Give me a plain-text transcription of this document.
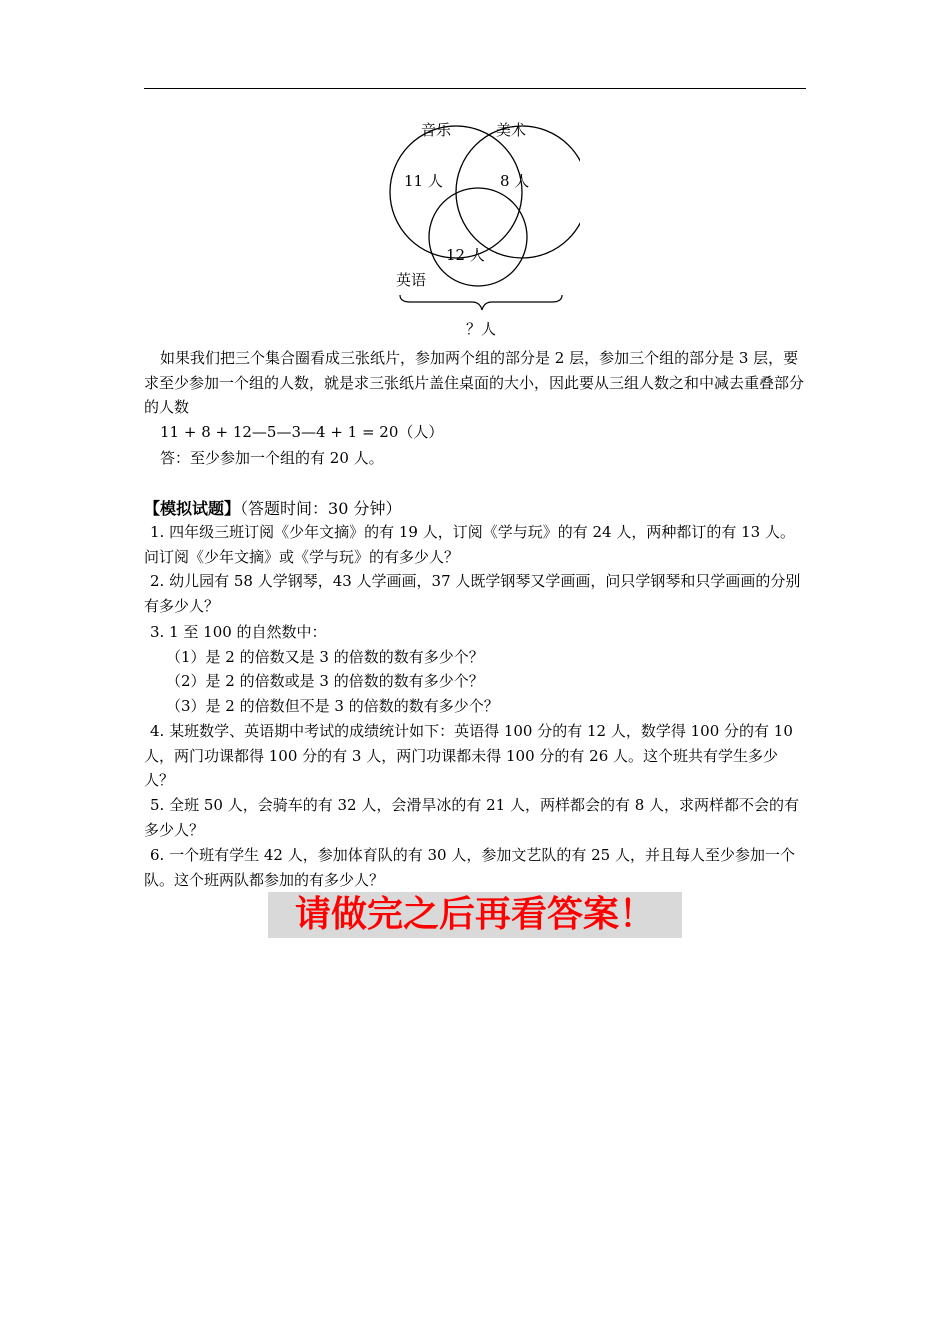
音乐	美术
11 人	8 人
12 人
英语
？人
如果我们把三个集合圈看成三张纸片，参加两个组的部分是 2 层，参加三个组的部分是 3 层，要求至少参加一个组的人数，就是求三张纸片盖住桌面的大小，因此要从三组人数之和中减去重叠部分的人数
11 + 8 + 12—5—3—4 + 1 = 20（人）
答：至少参加一个组的有 20 人。
【模拟试题】（答题时间：30 分钟）
1. 四年级三班订阅《少年文摘》的有 19 人，订阅《学与玩》的有 24 人，两种都订的有 13 人。问订阅《少年文摘》或《学与玩》的有多少人？
2. 幼儿园有 58 人学钢琴，43 人学画画，37 人既学钢琴又学画画，问只学钢琴和只学画画的分别有多少人？
3. 1 至 100 的自然数中：
（1）是 2 的倍数又是 3 的倍数的数有多少个？
（2）是 2 的倍数或是 3 的倍数的数有多少个？
（3）是 2 的倍数但不是 3 的倍数的数有多少个？
4. 某班数学、英语期中考试的成绩统计如下：英语得 100 分的有 12 人，数学得 100 分的有 10 人，两门功课都得 100 分的有 3 人，两门功课都未得 100 分的有 26 人。这个班共有学生多少人？
5. 全班 50 人，会骑车的有 32 人，会滑旱冰的有 21 人，两样都会的有 8 人，求两样都不会的有多少人？
6. 一个班有学生 42 人，参加体育队的有 30 人，参加文艺队的有 25 人，并且每人至少参加一个队。这个班两队都参加的有多少人？
请做完之后再看答案！
